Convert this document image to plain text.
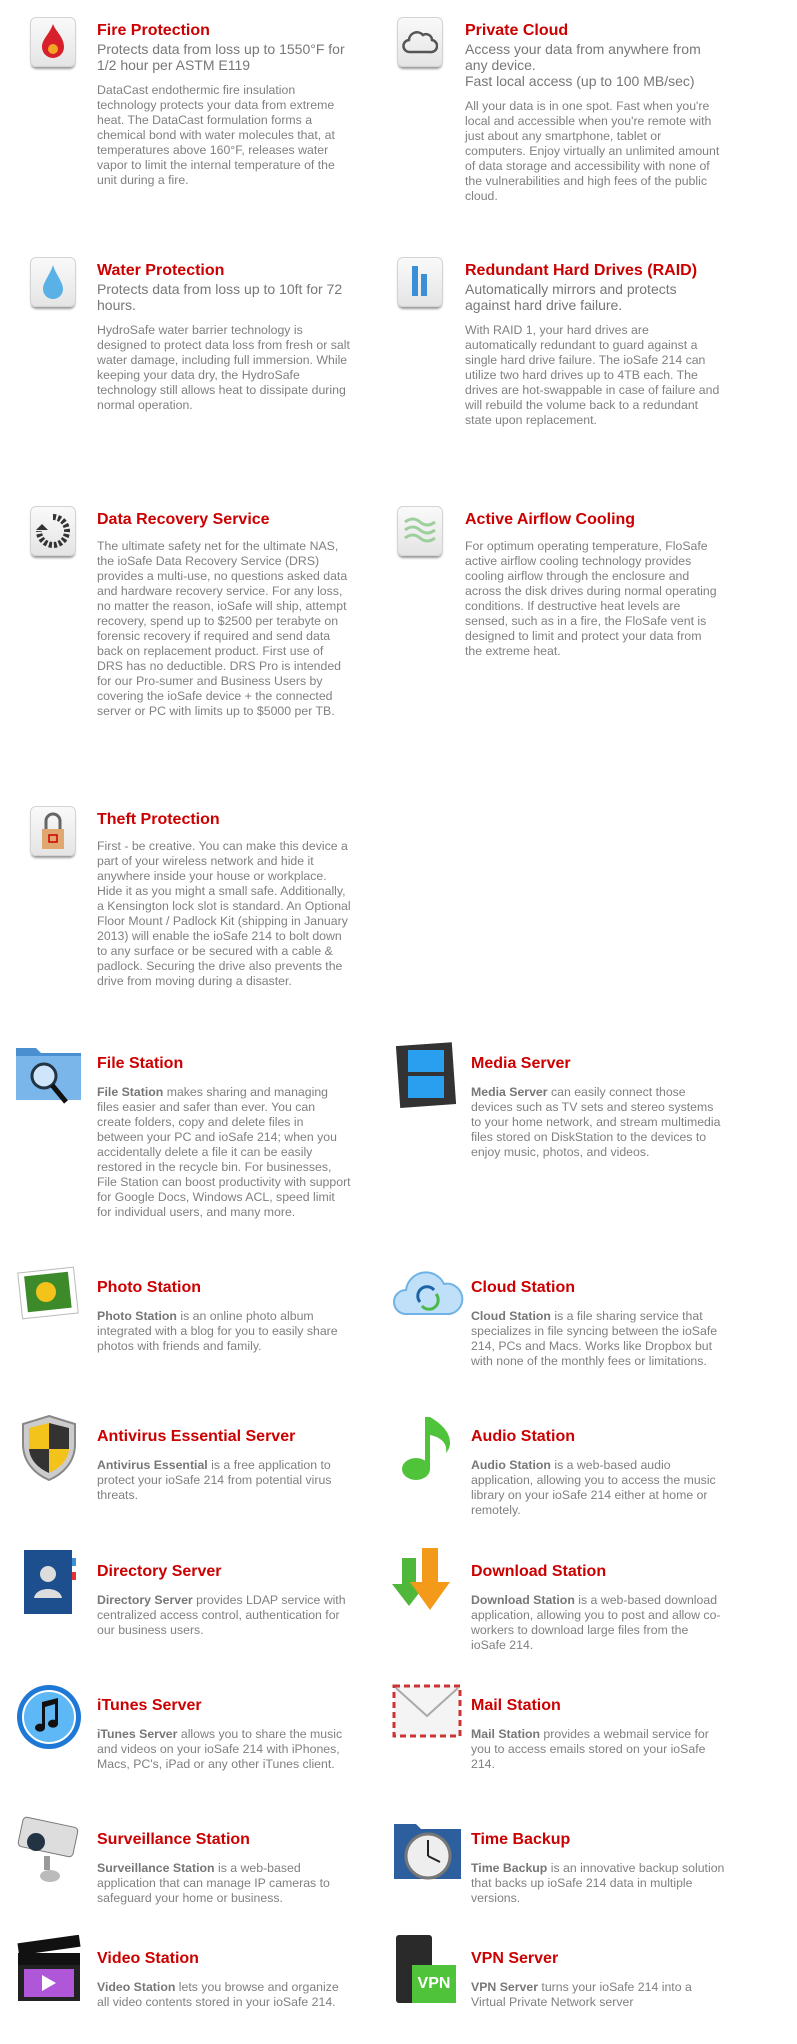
Fire Protection

Protects data from loss up to 1550°F for 1/2 hour per ASTM E119

DataCast endothermic fire insulation technology protects your data from extreme heat. The DataCast formulation forms a chemical bond with water molecules that, at temperatures above 160°F, releases water vapor to limit the internal temperature of the unit during a fire.

Private Cloud

Access your data from anywhere from any device.

Fast local access (up to 100 MB/sec)

All your data is in one spot. Fast when you're local and accessible when you're remote with just about any smartphone, tablet or computers. Enjoy virtually an unlimited amount of data storage and accessibility with none of the vulnerabilities and high fees of the public cloud.

Water Protection

Protects data from loss up to 10ft for 72 hours.

HydroSafe water barrier technology is designed to protect data loss from fresh or salt water damage, including full immersion. While keeping your data dry, the HydroSafe technology still allows heat to dissipate during normal operation.

Redundant Hard Drives (RAID)

Automatically mirrors and protects against hard drive failure.

With RAID 1, your hard drives are automatically redundant to guard against a single hard drive failure. The ioSafe 214 can utilize two hard drives up to 4TB each. The drives are hot-swappable in case of failure and will rebuild the volume back to a redundant state upon replacement.

Data Recovery Service

The ultimate safety net for the ultimate NAS, the ioSafe Data Recovery Service (DRS) provides a multi-use, no questions asked data and hardware recovery service. For any loss, no matter the reason, ioSafe will ship, attempt recovery, spend up to $2500 per terabyte on forensic recovery if required and send data back on replacement product. First use of DRS has no deductible. DRS Pro is intended for our Pro-sumer and Business Users by covering the ioSafe device + the connected server or PC with limits up to $5000 per TB.

Active Airflow Cooling

For optimum operating temperature, FloSafe active airflow cooling technology provides cooling airflow through the enclosure and across the disk drives during normal operating conditions. If destructive heat levels are sensed, such as in a fire, the FloSafe vent is designed to limit and protect your data from the extreme heat.

Theft Protection

First - be creative. You can make this device a part of your wireless network and hide it anywhere inside your house or workplace. Hide it as you might a small safe. Additionally, a Kensington lock slot is standard. An Optional Floor Mount / Padlock Kit (shipping in January 2013) will enable the ioSafe 214 to bolt down to any surface or be secured with a cable & padlock. Securing the drive also prevents the drive from moving during a disaster.

File Station

File Station makes sharing and managing files easier and safer than ever. You can create folders, copy and delete files in between your PC and ioSafe 214; when you accidentally delete a file it can be easily restored in the recycle bin. For businesses, File Station can boost productivity with support for Google Docs, Windows ACL, speed limit for individual users, and many more.

Media Server

Media Server can easily connect those devices such as TV sets and stereo systems to your home network, and stream multimedia files stored on DiskStation to the devices to enjoy music, photos, and videos.

Photo Station

Photo Station is an online photo album integrated with a blog for you to easily share photos with friends and family.

Cloud Station

Cloud Station is a file sharing service that specializes in file syncing between the ioSafe 214, PCs and Macs. Works like Dropbox but with none of the monthly fees or limitations.

Antivirus Essential Server

Antivirus Essential is a free application to protect your ioSafe 214 from potential virus threats.

Audio Station

Audio Station is a web-based audio application, allowing you to access the music library on your ioSafe 214 either at home or remotely.

Directory Server

Directory Server provides LDAP service with centralized access control, authentication for our business users.

Download Station

Download Station is a web-based download application, allowing you to post and allow co-workers to download large files from the ioSafe 214.

iTunes Server

iTunes Server allows you to share the music and videos on your ioSafe 214 with iPhones, Macs, PC's, iPad or any other iTunes client.

Mail Station

Mail Station provides a webmail service for you to access emails stored on your ioSafe 214.

Surveillance Station

Surveillance Station is a web-based application that can manage IP cameras to safeguard your home or business.

Time Backup

Time Backup is an innovative backup solution that backs up ioSafe 214 data in multiple versions.

Video Station

Video Station lets you browse and organize all video contents stored in your ioSafe 214.

VPN

VPN Server

VPN Server turns your ioSafe 214 into a Virtual Private Network server
